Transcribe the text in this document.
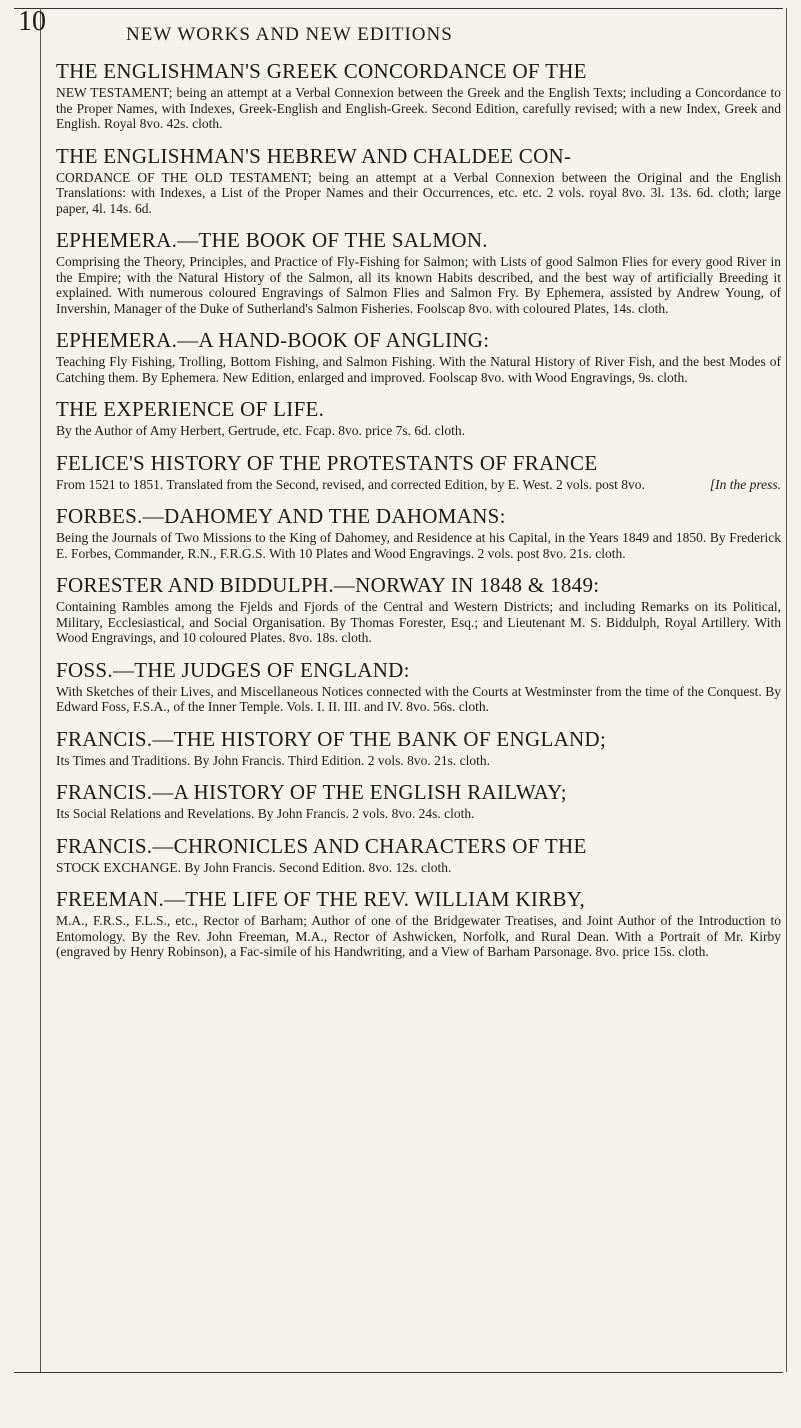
10	NEW WORKS AND NEW EDITIONS
THE ENGLISHMAN'S GREEK CONCORDANCE OF THE
NEW TESTAMENT; being an attempt at a Verbal Connexion between the Greek and the English Texts; including a Concordance to the Proper Names, with Indexes, Greek-English and English-Greek. Second Edition, carefully revised; with a new Index, Greek and English. Royal 8vo. 42s. cloth.
THE ENGLISHMAN'S HEBREW AND CHALDEE CON-
CORDANCE OF THE OLD TESTAMENT; being an attempt at a Verbal Connexion between the Original and the English Translations: with Indexes, a List of the Proper Names and their Occurrences, etc. etc. 2 vols. royal 8vo. 3l. 13s. 6d. cloth; large paper, 4l. 14s. 6d.
EPHEMERA.—THE BOOK OF THE SALMON.
Comprising the Theory, Principles, and Practice of Fly-Fishing for Salmon; with Lists of good Salmon Flies for every good River in the Empire; with the Natural History of the Salmon, all its known Habits described, and the best way of artificially Breeding it explained. With numerous coloured Engravings of Salmon Flies and Salmon Fry. By Ephemera, assisted by Andrew Young, of Invershin, Manager of the Duke of Sutherland's Salmon Fisheries. Foolscap 8vo. with coloured Plates, 14s. cloth.
EPHEMERA.—A HAND-BOOK OF ANGLING:
Teaching Fly Fishing, Trolling, Bottom Fishing, and Salmon Fishing. With the Natural History of River Fish, and the best Modes of Catching them. By Ephemera. New Edition, enlarged and improved. Foolscap 8vo. with Wood Engravings, 9s. cloth.
THE EXPERIENCE OF LIFE.
By the Author of Amy Herbert, Gertrude, etc. Fcap. 8vo. price 7s. 6d. cloth.
FELICE'S HISTORY OF THE PROTESTANTS OF FRANCE
From 1521 to 1851. Translated from the Second, revised, and corrected Edition, by E. West. 2 vols. post 8vo.	[In the press.
FORBES.—DAHOMEY AND THE DAHOMANS:
Being the Journals of Two Missions to the King of Dahomey, and Residence at his Capital, in the Years 1849 and 1850. By Frederick E. Forbes, Commander, R.N., F.R.G.S. With 10 Plates and Wood Engravings. 2 vols. post 8vo. 21s. cloth.
FORESTER AND BIDDULPH.—NORWAY IN 1848 & 1849:
Containing Rambles among the Fjelds and Fjords of the Central and Western Districts; and including Remarks on its Political, Military, Ecclesiastical, and Social Organisation. By Thomas Forester, Esq.; and Lieutenant M. S. Biddulph, Royal Artillery. With Wood Engravings, and 10 coloured Plates. 8vo. 18s. cloth.
FOSS.—THE JUDGES OF ENGLAND:
With Sketches of their Lives, and Miscellaneous Notices connected with the Courts at Westminster from the time of the Conquest. By Edward Foss, F.S.A., of the Inner Temple. Vols. I. II. III. and IV. 8vo. 56s. cloth.
FRANCIS.—THE HISTORY OF THE BANK OF ENGLAND;
Its Times and Traditions. By John Francis. Third Edition. 2 vols. 8vo. 21s. cloth.
FRANCIS.—A HISTORY OF THE ENGLISH RAILWAY;
Its Social Relations and Revelations. By John Francis. 2 vols. 8vo. 24s. cloth.
FRANCIS.—CHRONICLES AND CHARACTERS OF THE
STOCK EXCHANGE. By John Francis. Second Edition. 8vo. 12s. cloth.
FREEMAN.—THE LIFE OF THE REV. WILLIAM KIRBY,
M.A., F.R.S., F.L.S., etc., Rector of Barham; Author of one of the Bridgewater Treatises, and Joint Author of the Introduction to Entomology. By the Rev. John Freeman, M.A., Rector of Ashwicken, Norfolk, and Rural Dean. With a Portrait of Mr. Kirby (engraved by Henry Robinson), a Fac-simile of his Handwriting, and a View of Barham Parsonage. 8vo. price 15s. cloth.
